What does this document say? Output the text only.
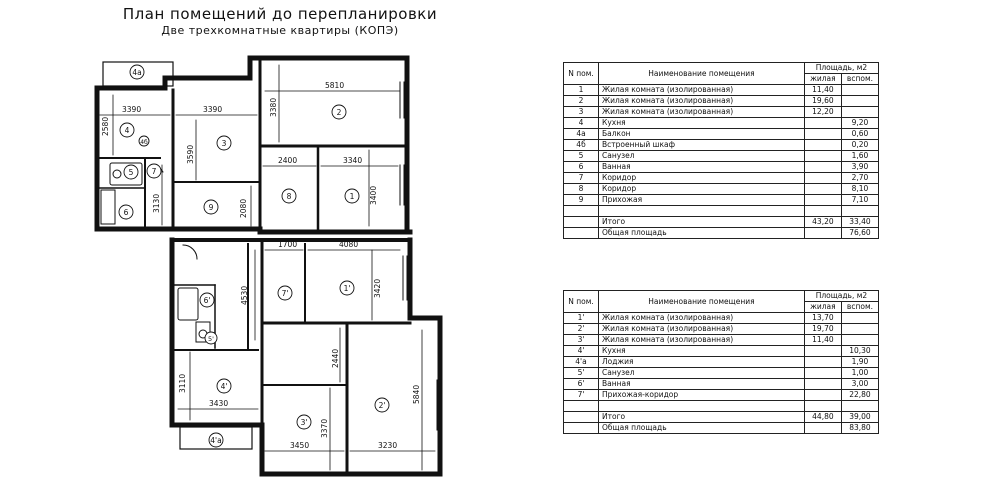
План помещений до перепланировки
Две трехкомнатные квартиры (КОПЭ)
4а
4
4б
5 7
6
3
2
8	1
9
7'
1'
6'
5'
4'
3'
2'
4'а
5810
3390	3390
2580
3380
3590	2400	3340
3400
3130	2080
1700	4080
4530	3420
2440
3110
3430
3370
5840
3450	3230
N пом.	Наименование помещения	Площадь, м2	
		жилая	вспом.
1	Жилая комната (изолированная)	11,40	
2	Жилая комната (изолированная)	19,60	
3	Жилая комната (изолированная)	12,20	
4	Кухня		9,20
4а	Балкон		0,60
4б	Встроенный шкаф		0,20
5	Санузел		1,60
6	Ванная		3,90
7	Коридор		2,70
8	Коридор		8,10
9	Прихожая		7,10

	Итого	43,20	33,40
	Общая площадь		76,60
N пом.	Наименование помещения	Площадь, м2	
		жилая	вспом.
1'	Жилая комната (изолированная)	13,70	
2'	Жилая комната (изолированная)	19,70	
3'	Жилая комната (изолированная)	11,40	
4'	Кухня		10,30
4'а	Лоджия		1,90
5'	Санузел		1,00
6'	Ванная		3,00
7'	Прихожая-коридор		22,80

	Итого	44,80	39,00
	Общая площадь		83,80
